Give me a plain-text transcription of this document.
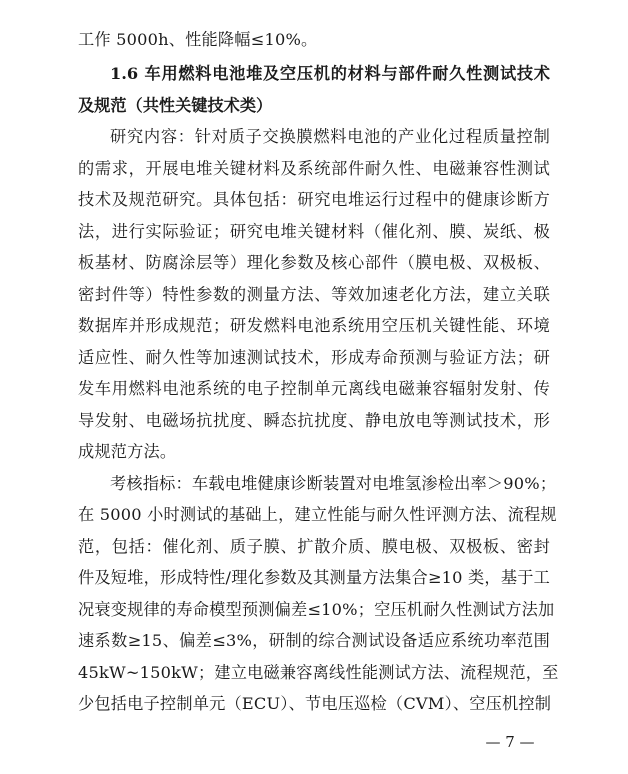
工作 5000h、性能降幅≤10%。
1.6 车用燃料电池堆及空压机的材料与部件耐久性测试技术
及规范（共性关键技术类）
研究内容：针对质子交换膜燃料电池的产业化过程质量控制
的需求，开展电堆关键材料及系统部件耐久性、电磁兼容性测试
技术及规范研究。具体包括：研究电堆运行过程中的健康诊断方
法，进行实际验证；研究电堆关键材料（催化剂、膜、炭纸、极
板基材、防腐涂层等）理化参数及核心部件（膜电极、双极板、
密封件等）特性参数的测量方法、等效加速老化方法，建立关联
数据库并形成规范；研发燃料电池系统用空压机关键性能、环境
适应性、耐久性等加速测试技术，形成寿命预测与验证方法；研
发车用燃料电池系统的电子控制单元离线电磁兼容辐射发射、传
导发射、电磁场抗扰度、瞬态抗扰度、静电放电等测试技术，形
成规范方法。
考核指标：车载电堆健康诊断装置对电堆氢渗检出率＞90%；
在 5000 小时测试的基础上，建立性能与耐久性评测方法、流程规
范，包括：催化剂、质子膜、扩散介质、膜电极、双极板、密封
件及短堆，形成特性/理化参数及其测量方法集合≥10 类，基于工
况衰变规律的寿命模型预测偏差≤10%；空压机耐久性测试方法加
速系数≥15、偏差≤3%，研制的综合测试设备适应系统功率范围
45kW~150kW；建立电磁兼容离线性能测试方法、流程规范，至
少包括电子控制单元（ECU）、节电压巡检（CVM）、空压机控制
— 7 —
